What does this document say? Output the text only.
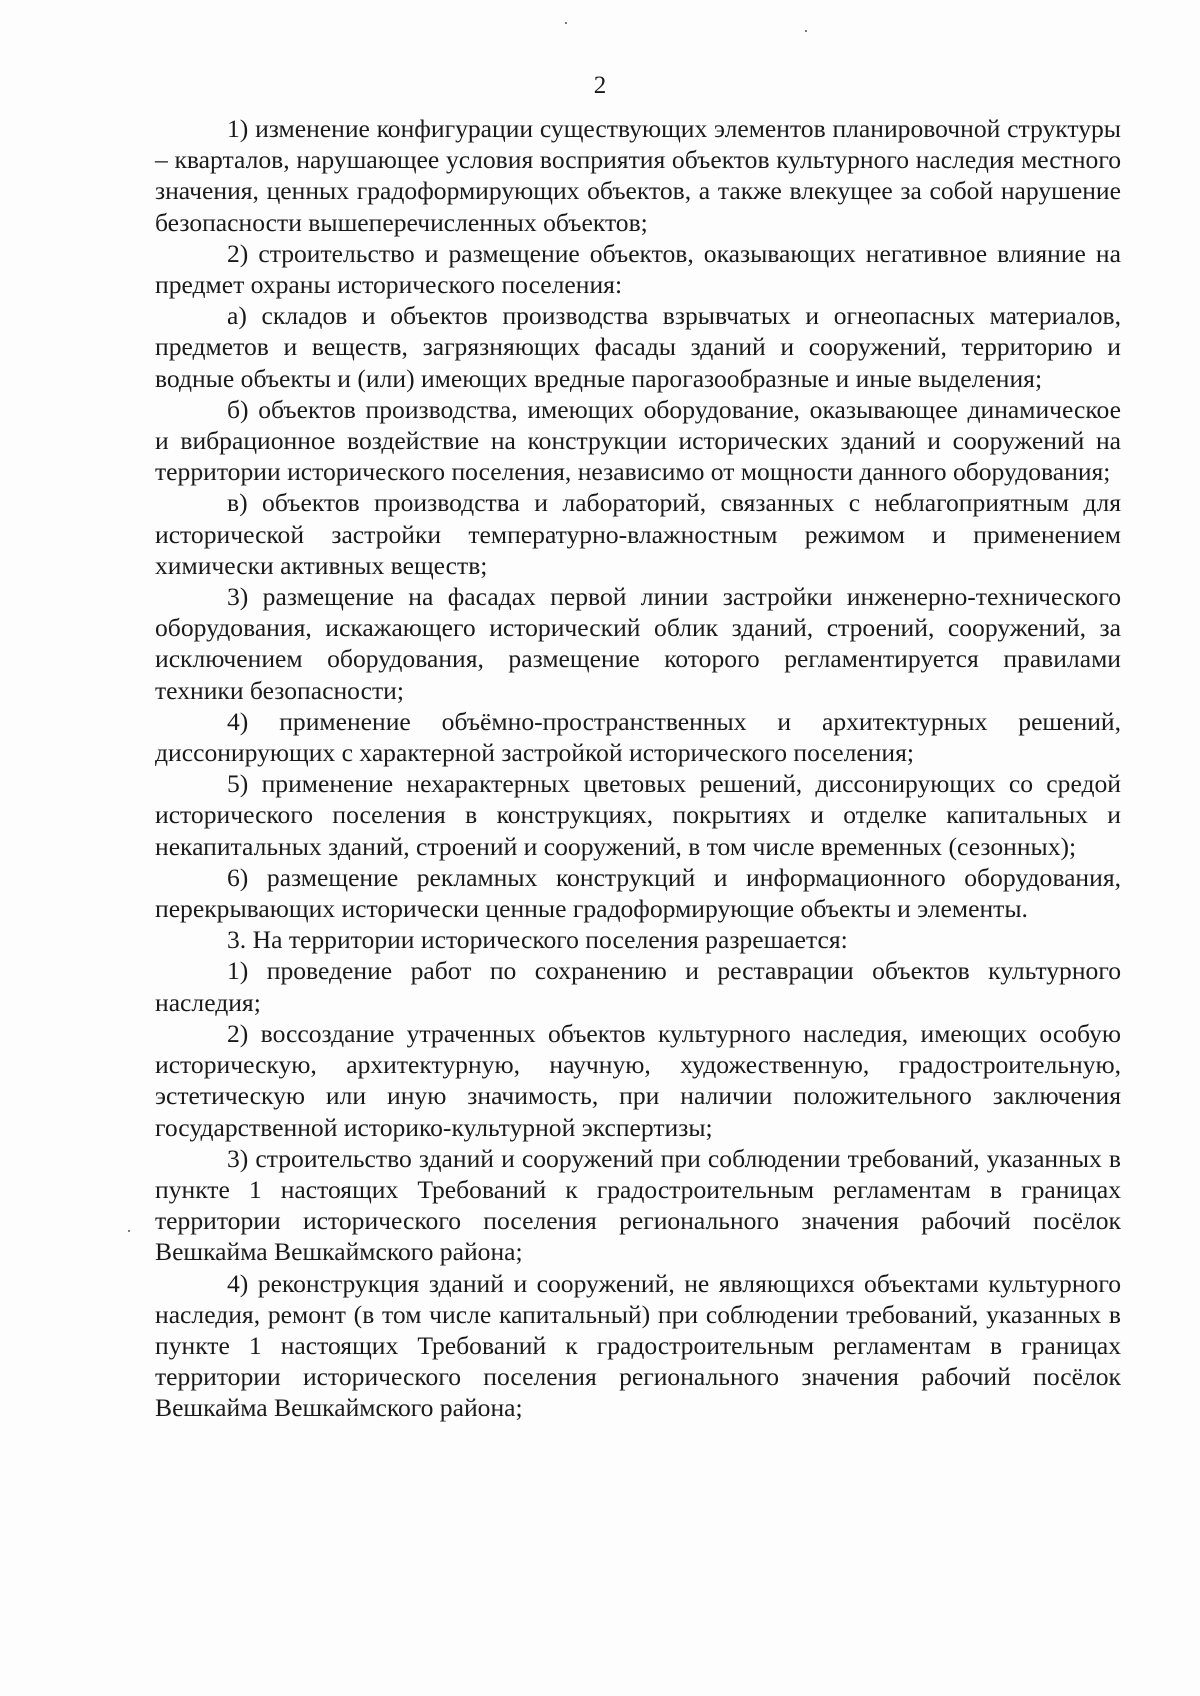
2

1) изменение конфигурации существующих элементов планировочной структуры – кварталов, нарушающее условия восприятия объектов культурного наследия местного значения, ценных градоформирующих объектов, а также влекущее за собой нарушение безопасности вышеперечисленных объектов;

2) строительство и размещение объектов, оказывающих негативное влияние на предмет охраны исторического поселения:

а) складов и объектов производства взрывчатых и огнеопасных материалов, предметов и веществ, загрязняющих фасады зданий и сооружений, территорию и водные объекты и (или) имеющих вредные парогазообразные и иные выделения;

б) объектов производства, имеющих оборудование, оказывающее динамическое и вибрационное воздействие на конструкции исторических зданий и сооружений на территории исторического поселения, независимо от мощности данного оборудования;

в) объектов производства и лабораторий, связанных с неблагоприятным для исторической застройки температурно-влажностным режимом и применением химически активных веществ;

3) размещение на фасадах первой линии застройки инженерно-технического оборудования, искажающего исторический облик зданий, строений, сооружений, за исключением оборудования, размещение которого регламентируется правилами техники безопасности;

4) применение объёмно-пространственных и архитектурных решений, диссонирующих с характерной застройкой исторического поселения;

5) применение нехарактерных цветовых решений, диссонирующих со средой исторического поселения в конструкциях, покрытиях и отделке капитальных и некапитальных зданий, строений и сооружений, в том числе временных (сезонных);

6) размещение рекламных конструкций и информационного оборудования, перекрывающих исторически ценные градоформирующие объекты и элементы.

3. На территории исторического поселения разрешается:

1) проведение работ по сохранению и реставрации объектов культурного наследия;

2) воссоздание утраченных объектов культурного наследия, имеющих особую историческую, архитектурную, научную, художественную, градостроительную, эстетическую или иную значимость, при наличии положительного заключения государственной историко-культурной экспертизы;

3) строительство зданий и сооружений при соблюдении требований, указанных в пункте 1 настоящих Требований к градостроительным регламентам в границах территории исторического поселения регионального значения рабочий посёлок Вешкайма Вешкаймского района;

4) реконструкция зданий и сооружений, не являющихся объектами культурного наследия, ремонт (в том числе капитальный) при соблюдении требований, указанных в пункте 1 настоящих Требований к градостроительным регламентам в границах территории исторического поселения регионального значения рабочий посёлок Вешкайма Вешкаймского района;
